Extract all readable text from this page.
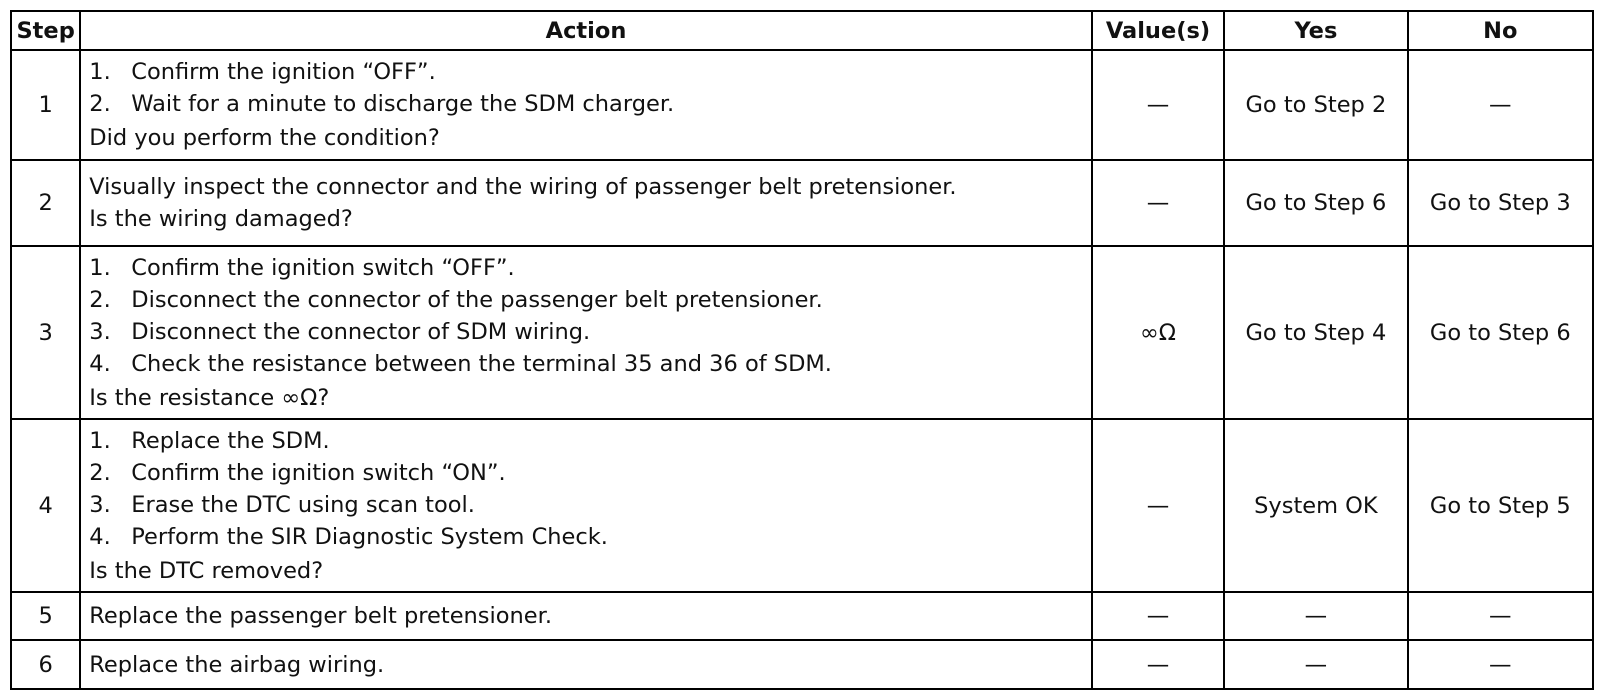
Step	Action	Value(s)	Yes	No
1	1. Confirm the ignition “OFF”.
2. Wait for a minute to discharge the SDM charger.
Did you perform the condition?	—	Go to Step 2	—
2	Visually inspect the connector and the wiring of passenger belt pretensioner.
Is the wiring damaged?	—	Go to Step 6	Go to Step 3
3	1. Confirm the ignition switch “OFF”.
2. Disconnect the connector of the passenger belt pretensioner.
3. Disconnect the connector of SDM wiring.
4. Check the resistance between the terminal 35 and 36 of SDM.
Is the resistance ∞Ω?	∞Ω	Go to Step 4	Go to Step 6
4	1. Replace the SDM.
2. Confirm the ignition switch “ON”.
3. Erase the DTC using scan tool.
4. Perform the SIR Diagnostic System Check.
Is the DTC removed?	—	System OK	Go to Step 5
5	Replace the passenger belt pretensioner.	—	—	—
6	Replace the airbag wiring.	—	—	—
